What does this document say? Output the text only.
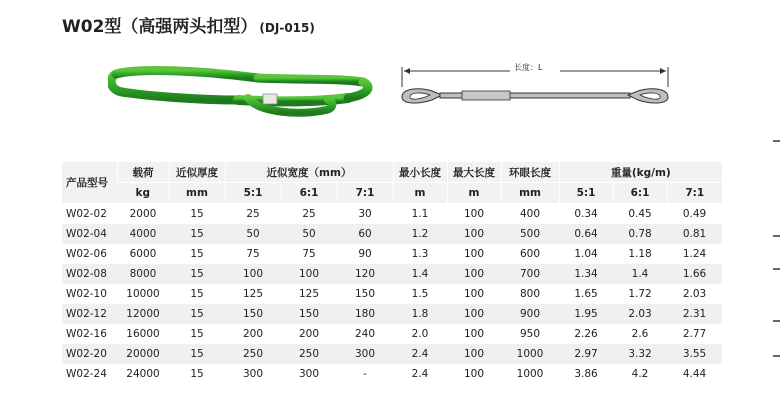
W02型（高强两头扣型） (DJ-015)
长度：L
产品型号	载荷	近似厚度	近似宽度（mm）			最小长度	最大长度	环眼长度	重量(kg/m)		
	kg	mm	5:1	6:1	7:1	m	m	mm	5:1	6:1	7:1
W02-02	2000	15	25	25	30	1.1	100	400	0.34	0.45	0.49
W02-04	4000	15	50	50	60	1.2	100	500	0.64	0.78	0.81
W02-06	6000	15	75	75	90	1.3	100	600	1.04	1.18	1.24
W02-08	8000	15	100	100	120	1.4	100	700	1.34	1.4	1.66
W02-10	10000	15	125	125	150	1.5	100	800	1.65	1.72	2.03
W02-12	12000	15	150	150	180	1.8	100	900	1.95	2.03	2.31
W02-16	16000	15	200	200	240	2.0	100	950	2.26	2.6	2.77
W02-20	20000	15	250	250	300	2.4	100	1000	2.97	3.32	3.55
W02-24	24000	15	300	300	-	2.4	100	1000	3.86	4.2	4.44
